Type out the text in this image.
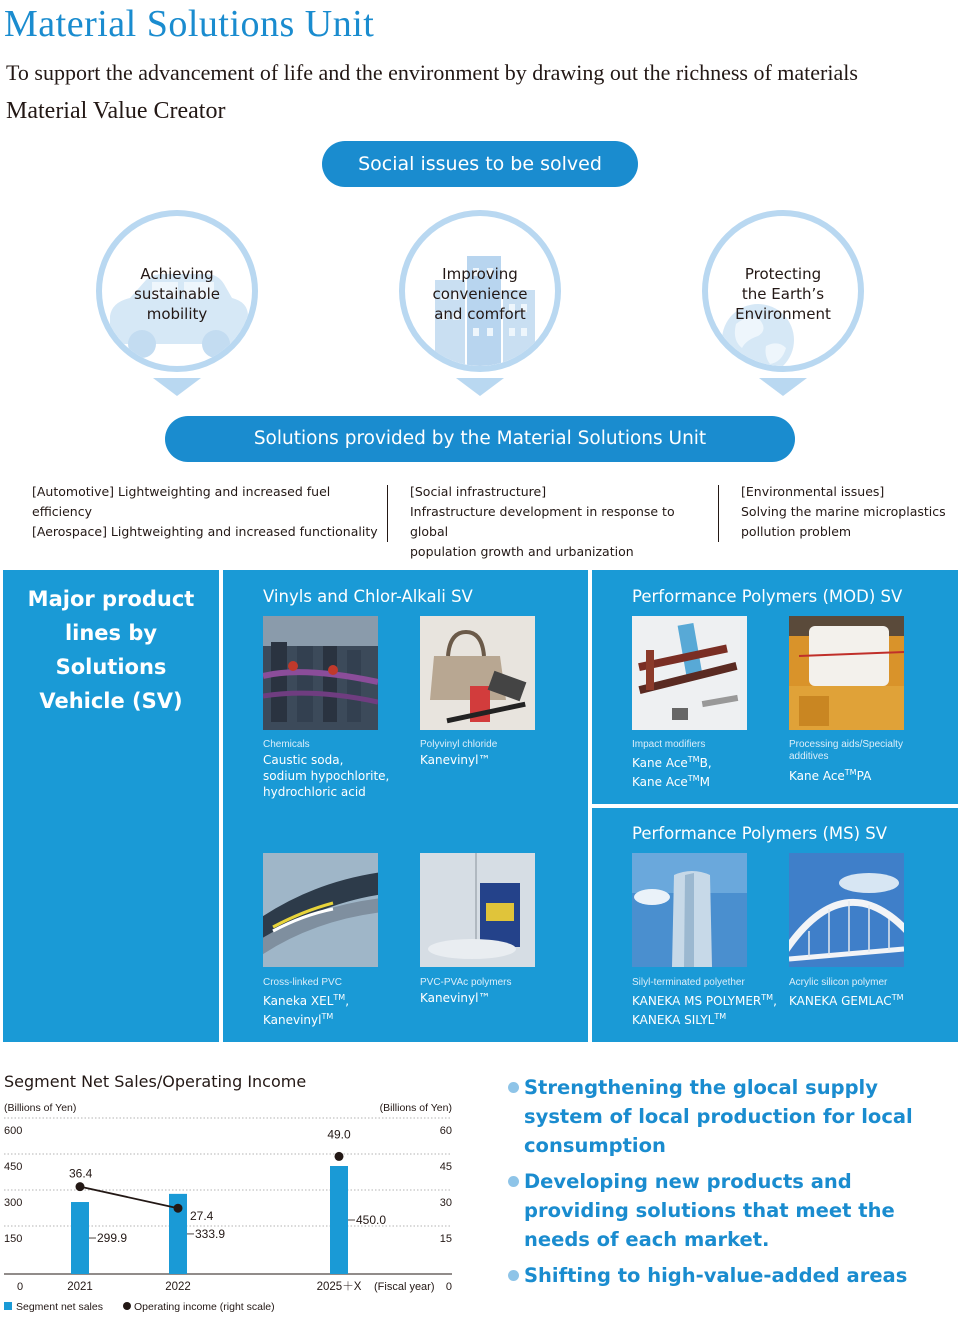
Material Solutions Unit
To support the advancement of life and the environment by drawing out the richness of materials
Material Value Creator
Social issues to be solved
Achieving
sustainable
mobility
Improving
convenience
and comfort
Protecting
the Earth’s
Environment
Solutions provided by the Material Solutions Unit
[Automotive] Lightweighting and increased fuel efficiency
[Aerospace] Lightweighting and increased functionality
[Social infrastructure]
Infrastructure development in response to global
population growth and urbanization
[Environmental issues]
Solving the marine microplastics
pollution problem
Major product
lines by
Solutions
Vehicle (SV)
Vinyls and Chlor-Alkali SV	Performance Polymers (MOD) SV
Performance Polymers (MS) SV
Chemicals
Caustic soda,
sodium hypochlorite,
hydrochloric acid
Polyvinyl chloride
Kanevinyl™
Impact modifiers
Kane Ace™B,
Kane Ace™M
Processing aids/Specialty additives
Kane Ace™PA
Cross-linked PVC
Kaneka XEL™,
Kanevinyl™
PVC-PVAc polymers
Kanevinyl™
Silyl-terminated polyether
KANEKA MS POLYMER™,
KANEKA SILYL™
Acrylic silicon polymer
KANEKA GEMLAC™
Segment Net Sales/Operating Income
(Billions of Yen)	(Billions of Yen)
600	60
450	45
300	30
150	15
0	0
299.9
2021
333.9
2022
450.0
2025＋X (Fiscal year)
36.4
27.4
49.0
Segment net sales	Operating income (right scale)
Strengthening the glocal supply system of local production for local consumption
Developing new products and providing solutions that meet the needs of each market.
Shifting to high-value-added areas
